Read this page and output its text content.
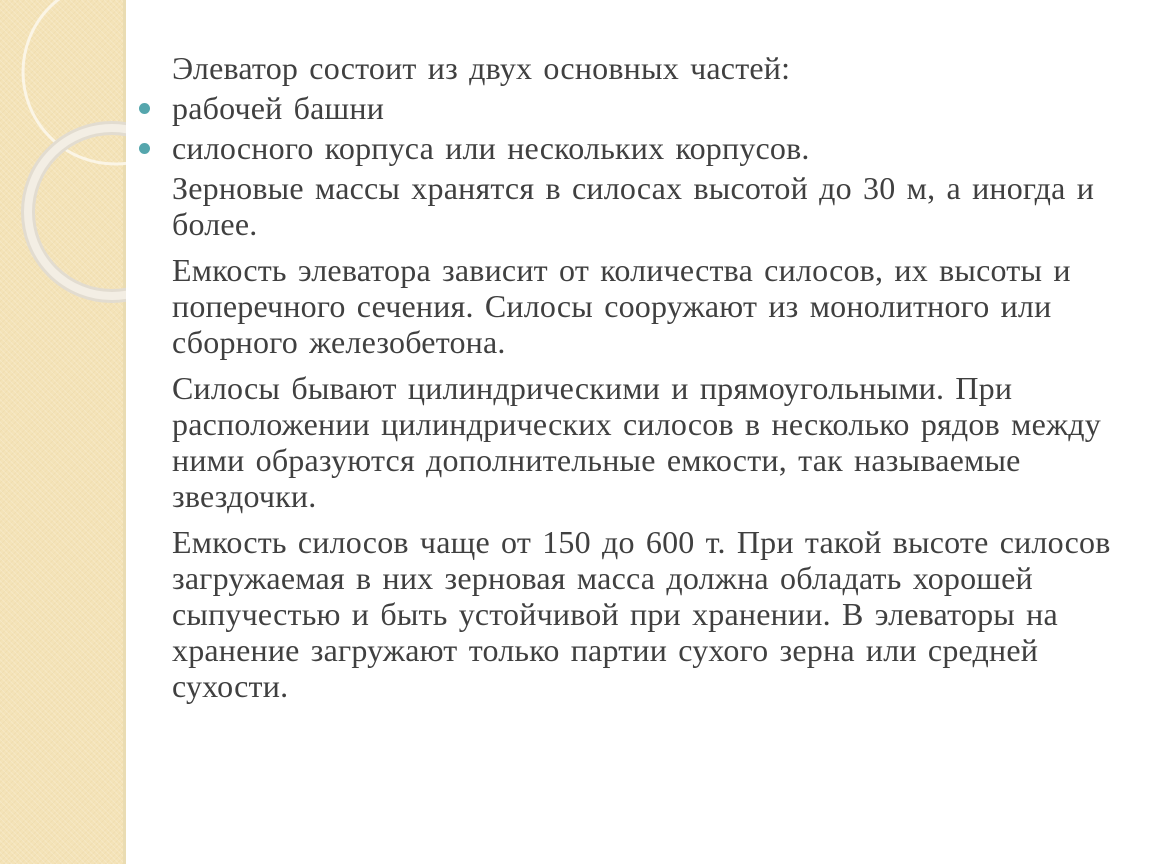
Элеватор состоит из двух основных частей:

рабочей башни

силосного корпуса или нескольких корпусов.

Зерновые массы хранятся в силосах высотой до 30 м, а иногда и более.

Емкость элеватора зависит от количества силосов, их высоты и поперечного сечения. Силосы сооружают из монолитного или сборного железобетона.

Силосы бывают цилиндрическими и прямоугольными. При расположении цилиндрических силосов в несколько рядов между ними образуются дополнительные емкости, так называемые звездочки.

Емкость силосов чаще от 150 до 600 т. При такой высоте силосов загружаемая в них зерновая масса должна обладать хорошей сыпучестью и быть устойчивой при хранении. В элеваторы на хранение загружают только партии сухого зерна или средней сухости.
